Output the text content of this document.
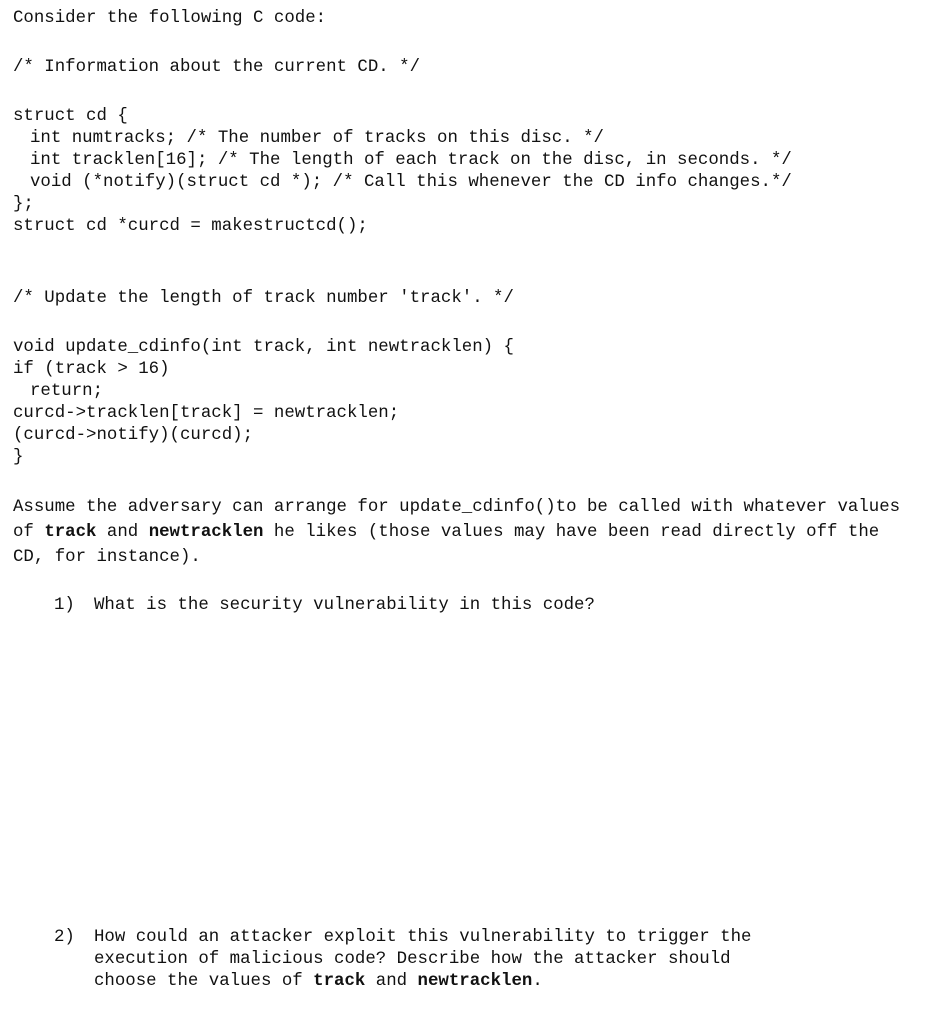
Consider the following C code:
/* Information about the current CD. */
struct cd {
int numtracks; /* The number of tracks on this disc. */
int tracklen[16]; /* The length of each track on the disc, in seconds. */
void (*notify)(struct cd *); /* Call this whenever the CD info changes.*/
};
struct cd *curcd = makestructcd();
/* Update the length of track number 'track'. */
void update_cdinfo(int track, int newtracklen) {
if (track > 16)
return;
curcd->tracklen[track] = newtracklen;
(curcd->notify)(curcd);
}
Assume the adversary can arrange for update_cdinfo()to be called with whatever values of track and newtracklen he likes (those values may have been read directly off the CD, for instance).
1) What is the security vulnerability in this code?
2) How could an attacker exploit this vulnerability to trigger the
execution of malicious code? Describe how the attacker should
choose the values of track and newtracklen.
